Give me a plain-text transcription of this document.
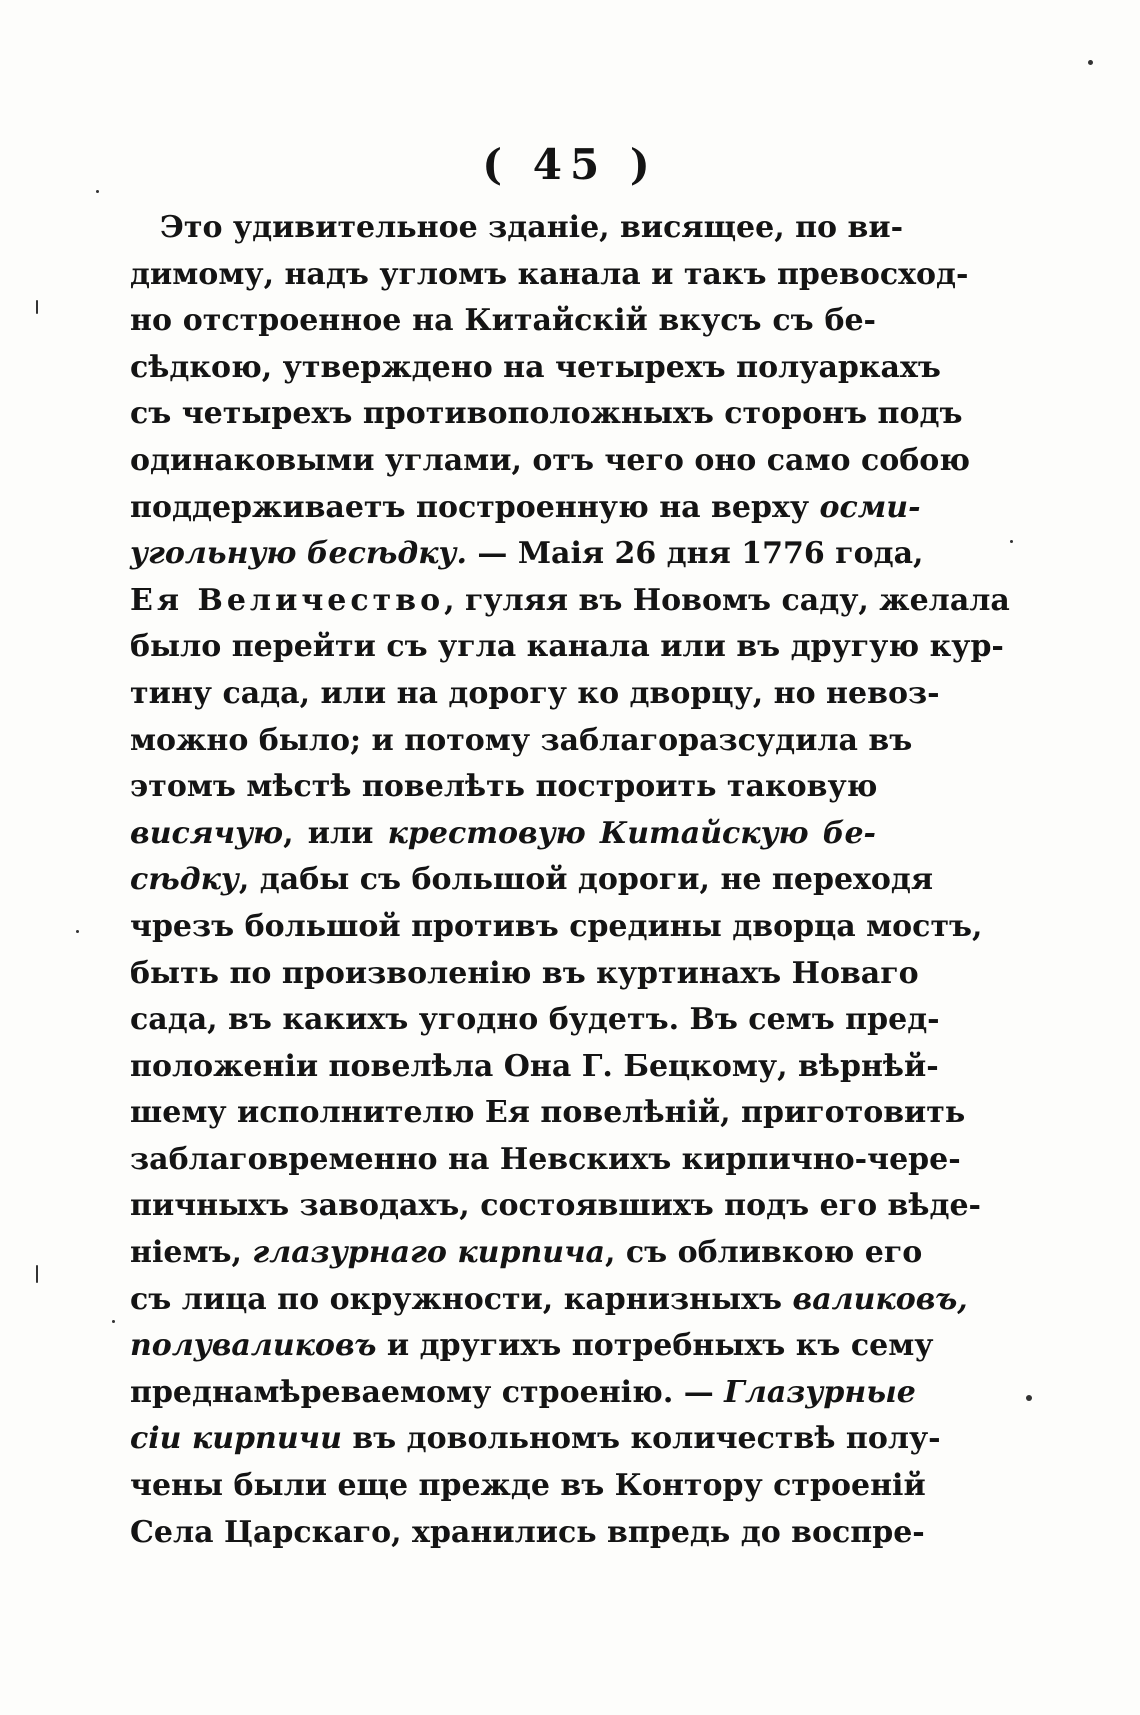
( 45 )
Это удивительное зданіе, висящее, по ви-
димому, надъ угломъ канала и такъ превосход-
но отстроенное на Китайскій вкусъ съ бе-
сѣдкою, утверждено на четырехъ полуаркахъ
съ четырехъ противоположныхъ сторонъ подъ
одинаковыми углами, отъ чего оно само собою
поддерживаетъ построенную на верху осми-
угольную бесѣдку. — Маія 26 дня 1776 года,
Ея Величество, гуляя въ Новомъ саду, желала
было перейти съ угла канала или въ другую кур-
тину сада, или на дорогу ко дворцу, но невоз-
можно было; и потому заблагоразсудила въ
этомъ мѣстѣ повелѣть построить таковую
висячую, или крестовую Китайскую бе-
сѣдку, дабы съ большой дороги, не переходя
чрезъ большой противъ средины дворца мостъ,
быть по произволенію въ куртинахъ Новаго
сада, въ какихъ угодно будетъ. Въ семъ пред-
положеніи повелѣла Она Г. Бецкому, вѣрнѣй-
шему исполнителю Ея повелѣній, приготовить
заблаговременно на Невскихъ кирпично-чере-
пичныхъ заводахъ, состоявшихъ подъ его вѣде-
ніемъ, глазурнаго кирпича, съ обливкою его
съ лица по окружности, карнизныхъ валиковъ,
полуваликовъ и другихъ потребныхъ къ сему
преднамѣреваемому строенію. — Глазурные
сіи кирпичи въ довольномъ количествѣ полу-
чены были еще прежде въ Контору строеній
Села Царскаго, хранились впредь до воспре-
